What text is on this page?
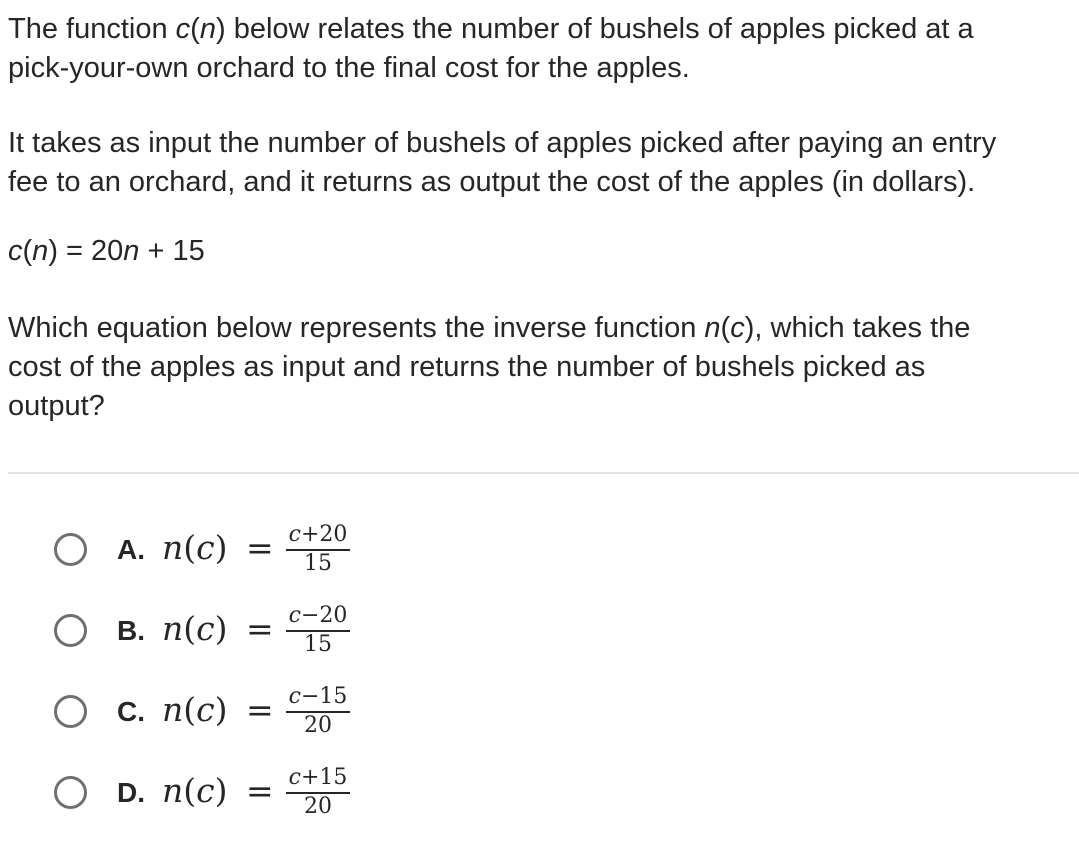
The function c(n) below relates the number of bushels of apples picked at a
pick-your-own orchard to the final cost for the apples.

It takes as input the number of bushels of apples picked after paying an entry
fee to an orchard, and it returns as output the cost of the apples (in dollars).

c(n) = 20n + 15

Which equation below represents the inverse function n(c), which takes the
cost of the apples as input and returns the number of bushels picked as
output?

A. n(c) = c+20
15
B. n(c) = c−20
15
C. n(c) = c−15
20
D. n(c) = c+15
20
